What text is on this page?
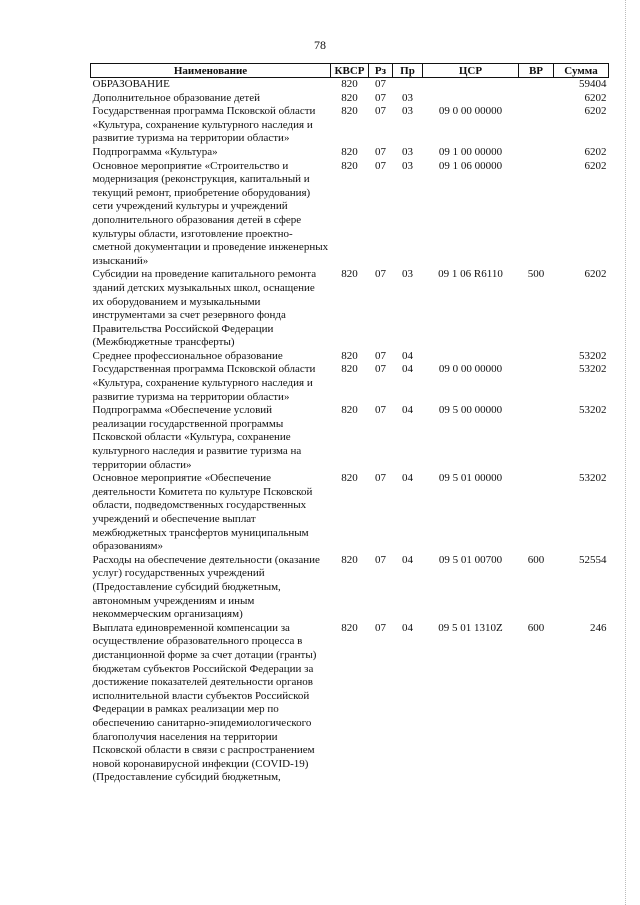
78
Наименование	КВСР	Рз	Пр	ЦСР	ВР	Сумма
ОБРАЗОВАНИЕ	820	07				59404
Дополнительное образование детей	820	07	03			6202
Государственная программа Псковской области «Культура, сохранение культурного наследия и развитие туризма на территории области»	820	07	03	09 0 00 00000		6202
Подпрограмма «Культура»	820	07	03	09 1 00 00000		6202
Основное мероприятие «Строительство и модернизация (реконструкция, капитальный и текущий ремонт, приобретение оборудования) сети учреждений культуры и учреждений дополнительного образования детей в сфере культуры области, изготовление проектно-сметной документации и проведение инженерных изысканий»	820	07	03	09 1 06 00000		6202
Субсидии на проведение капитального ремонта зданий детских музыкальных школ, оснащение их оборудованием и музыкальными инструментами за счет резервного фонда Правительства Российской Федерации (Межбюджетные трансферты)	820	07	03	09 1 06 R6110	500	6202
Среднее профессиональное образование	820	07	04			53202
Государственная программа Псковской области «Культура, сохранение культурного наследия и развитие туризма на территории области»	820	07	04	09 0 00 00000		53202
Подпрограмма «Обеспечение условий реализации государственной программы Псковской области «Культура, сохранение культурного наследия и развитие туризма на территории области»	820	07	04	09 5 00 00000		53202
Основное мероприятие «Обеспечение деятельности Комитета по культуре Псковской области, подведомственных государственных учреждений и обеспечение выплат межбюджетных трансфертов муниципальным образованиям»	820	07	04	09 5 01 00000		53202
Расходы на обеспечение деятельности (оказание услуг) государственных учреждений (Предоставление субсидий бюджетным, автономным учреждениям и иным некоммерческим организациям)	820	07	04	09 5 01 00700	600	52554
Выплата единовременной компенсации за осуществление образовательного процесса в дистанционной форме за счет дотации (гранты) бюджетам субъектов Российской Федерации за достижение показателей деятельности органов исполнительной власти субъектов Российской Федерации в рамках реализации мер по обеспечению санитарно-эпидемиологического благополучия населения на территории Псковской области в связи с распространением новой коронавирусной инфекции (COVID-19) (Предоставление субсидий бюджетным,	820	07	04	09 5 01 1310Z	600	246
